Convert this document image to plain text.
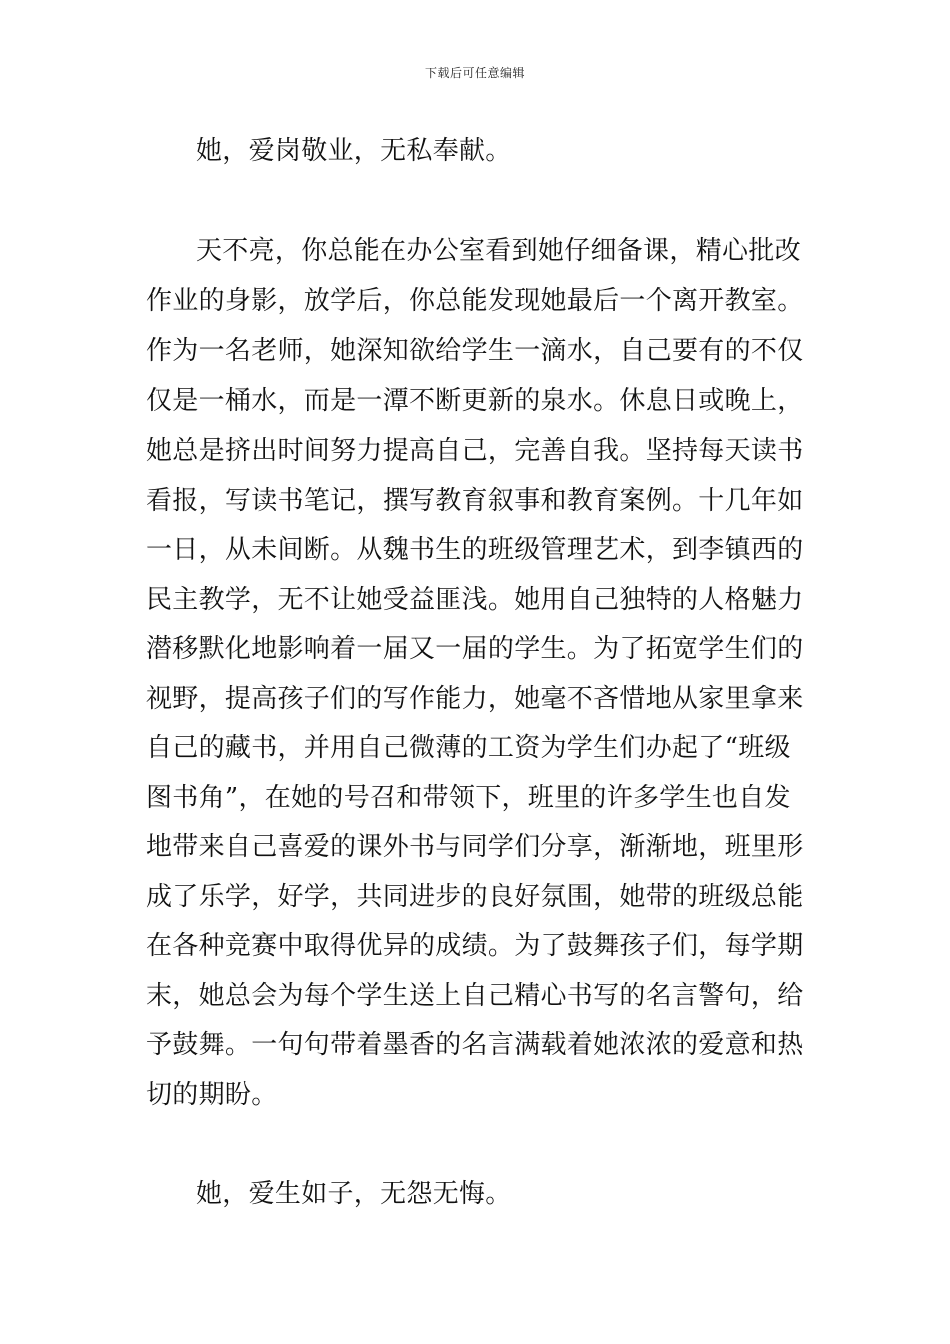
下载后可任意编辑
她，爱岗敬业，无私奉献。
天不亮，你总能在办公室看到她仔细备课，精心批改
作业的身影，放学后，你总能发现她最后一个离开教室。
作为一名老师，她深知欲给学生一滴水，自己要有的不仅
仅是一桶水，而是一潭不断更新的泉水。休息日或晚上，
她总是挤出时间努力提高自己，完善自我。坚持每天读书
看报，写读书笔记，撰写教育叙事和教育案例。十几年如
一日，从未间断。从魏书生的班级管理艺术，到李镇西的
民主教学，无不让她受益匪浅。她用自己独特的人格魅力
潜移默化地影响着一届又一届的学生。为了拓宽学生们的
视野，提高孩子们的写作能力，她毫不吝惜地从家里拿来
自己的藏书，并用自己微薄的工资为学生们办起了“班级
图书角”，在她的号召和带领下，班里的许多学生也自发
地带来自己喜爱的课外书与同学们分享，渐渐地，班里形
成了乐学，好学，共同进步的良好氛围，她带的班级总能
在各种竞赛中取得优异的成绩。为了鼓舞孩子们，每学期
末，她总会为每个学生送上自己精心书写的名言警句，给
予鼓舞。一句句带着墨香的名言满载着她浓浓的爱意和热
切的期盼。
她，爱生如子，无怨无悔。
